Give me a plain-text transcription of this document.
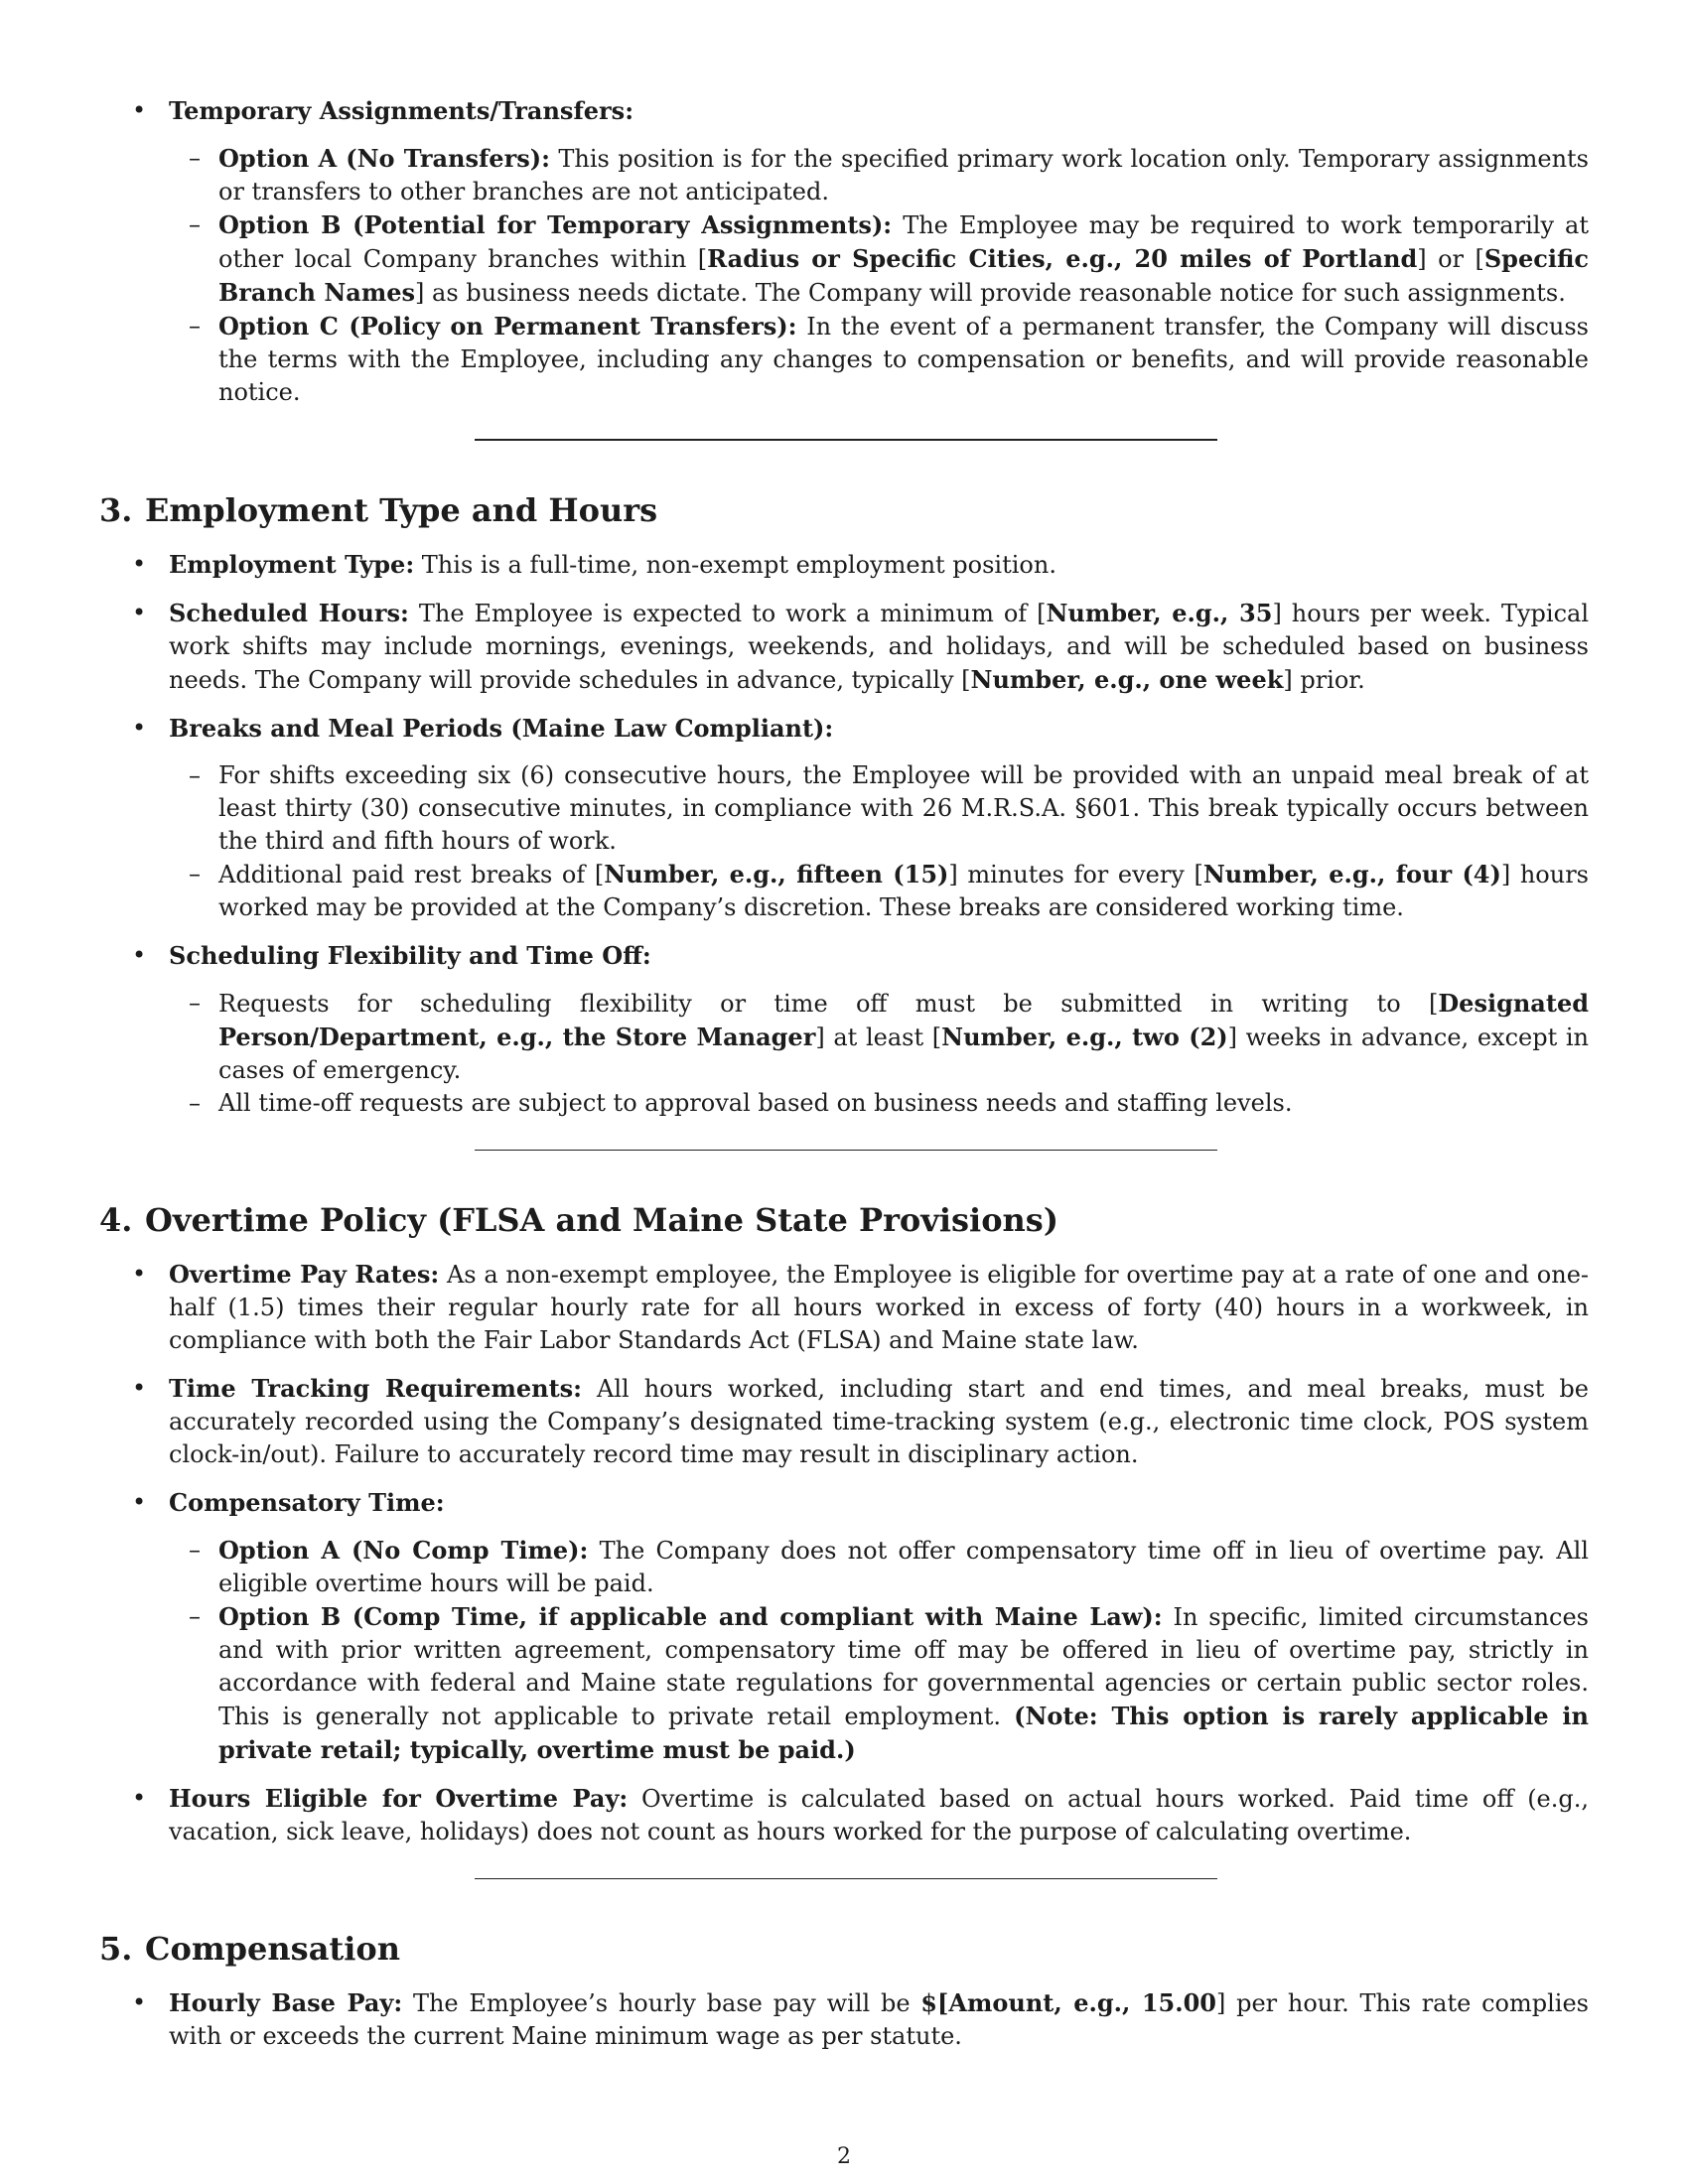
• Temporary Assignments/Transfers:
– Option A (No Transfers): This position is for the specified primary work location only. Temporary assignments or transfers to other branches are not anticipated.
– Option B (Potential for Temporary Assignments): The Employee may be required to work temporarily at other local Company branches within [Radius or Specific Cities, e.g., 20 miles of Portland] or [Specific Branch Names] as business needs dictate. The Company will provide reasonable notice for such assignments.
– Option C (Policy on Permanent Transfers): In the event of a permanent transfer, the Company will discuss the terms with the Employee, including any changes to compensation or benefits, and will provide reasonable notice.
3. Employment Type and Hours
• Employment Type: This is a full-time, non-exempt employment position.
• Scheduled Hours: The Employee is expected to work a minimum of [Number, e.g., 35] hours per week. Typical work shifts may include mornings, evenings, weekends, and holidays, and will be scheduled based on business needs. The Company will provide schedules in advance, typically [Number, e.g., one week] prior.
• Breaks and Meal Periods (Maine Law Compliant):
– For shifts exceeding six (6) consecutive hours, the Employee will be provided with an unpaid meal break of at least thirty (30) consecutive minutes, in compliance with 26 M.R.S.A. §601. This break typically occurs between the third and fifth hours of work.
– Additional paid rest breaks of [Number, e.g., fifteen (15)] minutes for every [Number, e.g., four (4)] hours worked may be provided at the Company’s discretion. These breaks are considered working time.
• Scheduling Flexibility and Time Off:
– Requests for scheduling flexibility or time off must be submitted in writing to [Designated Person/Department, e.g., the Store Manager] at least [Number, e.g., two (2)] weeks in advance, except in cases of emergency.
– All time-off requests are subject to approval based on business needs and staffing levels.
4. Overtime Policy (FLSA and Maine State Provisions)
• Overtime Pay Rates: As a non-exempt employee, the Employee is eligible for overtime pay at a rate of one and one-half (1.5) times their regular hourly rate for all hours worked in excess of forty (40) hours in a workweek, in compliance with both the Fair Labor Standards Act (FLSA) and Maine state law.
• Time Tracking Requirements: All hours worked, including start and end times, and meal breaks, must be accurately recorded using the Company’s designated time-tracking system (e.g., electronic time clock, POS system clock-in/out). Failure to accurately record time may result in disciplinary action.
• Compensatory Time:
– Option A (No Comp Time): The Company does not offer compensatory time off in lieu of overtime pay. All eligible overtime hours will be paid.
– Option B (Comp Time, if applicable and compliant with Maine Law): In specific, limited circumstances and with prior written agreement, compensatory time off may be offered in lieu of overtime pay, strictly in accordance with federal and Maine state regulations for governmental agencies or certain public sector roles. This is generally not applicable to private retail employment. (Note: This option is rarely applicable in private retail; typically, overtime must be paid.)
• Hours Eligible for Overtime Pay: Overtime is calculated based on actual hours worked. Paid time off (e.g., vacation, sick leave, holidays) does not count as hours worked for the purpose of calculating overtime.
5. Compensation
• Hourly Base Pay: The Employee’s hourly base pay will be $[Amount, e.g., 15.00] per hour. This rate complies with or exceeds the current Maine minimum wage as per statute.
2
